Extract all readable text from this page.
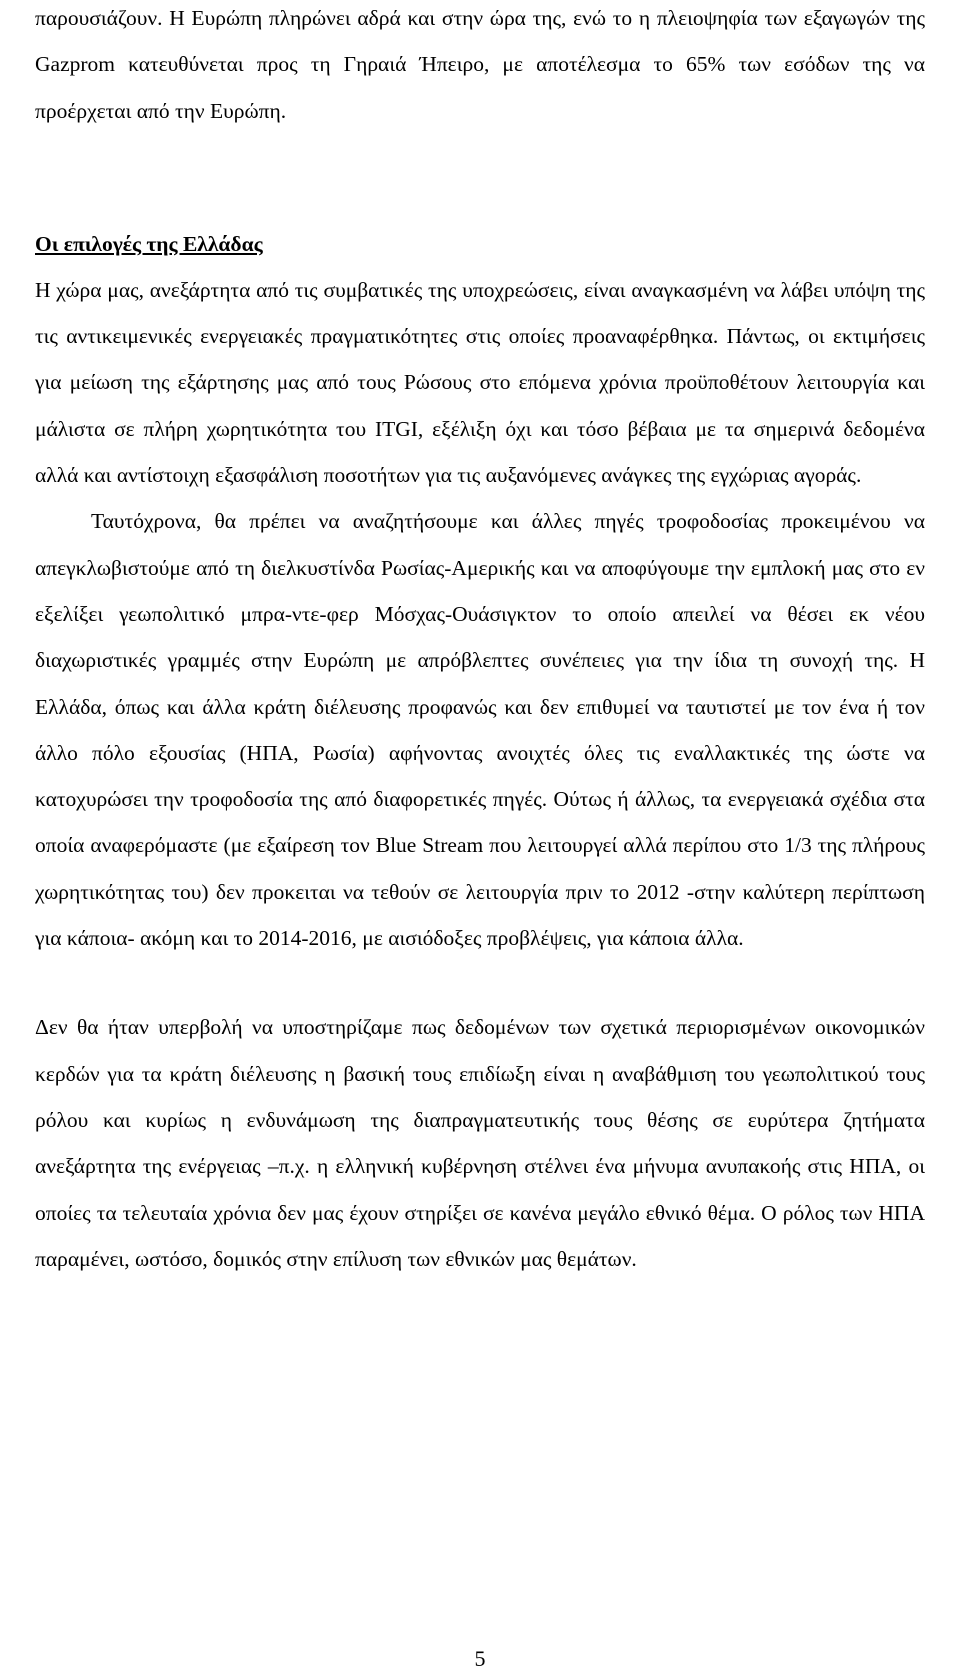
παρουσιάζουν. Η Ευρώπη πληρώνει αδρά και στην ώρα της, ενώ το η πλειοψηφία των εξαγωγών της Gazprom κατευθύνεται προς τη Γηραιά Ήπειρο, με αποτέλεσμα το 65% των εσόδων της να προέρχεται από την Ευρώπη.

Οι επιλογές της Ελλάδας

Η χώρα μας, ανεξάρτητα από τις συμβατικές της υποχρεώσεις, είναι αναγκασμένη να λάβει υπόψη της τις αντικειμενικές ενεργειακές πραγματικότητες στις οποίες προαναφέρθηκα. Πάντως, οι εκτιμήσεις για μείωση της εξάρτησης μας από τους Ρώσους στο επόμενα χρόνια προϋποθέτουν λειτουργία και μάλιστα σε πλήρη χωρητικότητα του ITGI, εξέλιξη όχι και τόσο βέβαια με τα σημερινά δεδομένα αλλά και αντίστοιχη εξασφάλιση ποσοτήτων για τις αυξανόμενες ανάγκες της εγχώριας αγοράς.

Ταυτόχρονα, θα πρέπει να αναζητήσουμε και άλλες πηγές τροφοδοσίας προκειμένου να απεγκλωβιστούμε από τη διελκυστίνδα Ρωσίας-Αμερικής και να αποφύγουμε την εμπλοκή μας στο εν εξελίξει γεωπολιτικό μπρα-ντε-φερ Μόσχας-Ουάσιγκτον το οποίο απειλεί να θέσει εκ νέου διαχωριστικές γραμμές στην Ευρώπη με απρόβλεπτες συνέπειες για την ίδια τη συνοχή της. Η Ελλάδα, όπως και άλλα κράτη διέλευσης προφανώς και δεν επιθυμεί να ταυτιστεί με τον ένα ή τον άλλο πόλο εξουσίας (ΗΠΑ, Ρωσία) αφήνοντας ανοιχτές όλες τις εναλλακτικές της ώστε να κατοχυρώσει την τροφοδοσία της από διαφορετικές πηγές. Ούτως ή άλλως, τα ενεργειακά σχέδια στα οποία αναφερόμαστε (με εξαίρεση τον Blue Stream που λειτουργεί αλλά περίπου στο 1/3 της πλήρους χωρητικότητας του) δεν προκειται να τεθούν σε λειτουργία πριν το 2012 -στην καλύτερη περίπτωση για κάποια- ακόμη και το 2014-2016, με αισιόδοξες προβλέψεις, για κάποια άλλα.

Δεν θα ήταν υπερβολή να υποστηρίζαμε πως δεδομένων των σχετικά περιορισμένων οικονομικών κερδών για τα κράτη διέλευσης η βασική τους επιδίωξη είναι η αναβάθμιση του γεωπολιτικού τους ρόλου και κυρίως η ενδυνάμωση της διαπραγματευτικής τους θέσης σε ευρύτερα ζητήματα ανεξάρτητα της ενέργειας –π.χ. η ελληνική κυβέρνηση στέλνει ένα μήνυμα ανυπακοής στις ΗΠΑ, οι οποίες τα τελευταία χρόνια δεν μας έχουν στηρίξει σε κανένα μεγάλο εθνικό θέμα. Ο ρόλος των ΗΠΑ παραμένει, ωστόσο, δομικός στην επίλυση των εθνικών μας θεμάτων.

5
